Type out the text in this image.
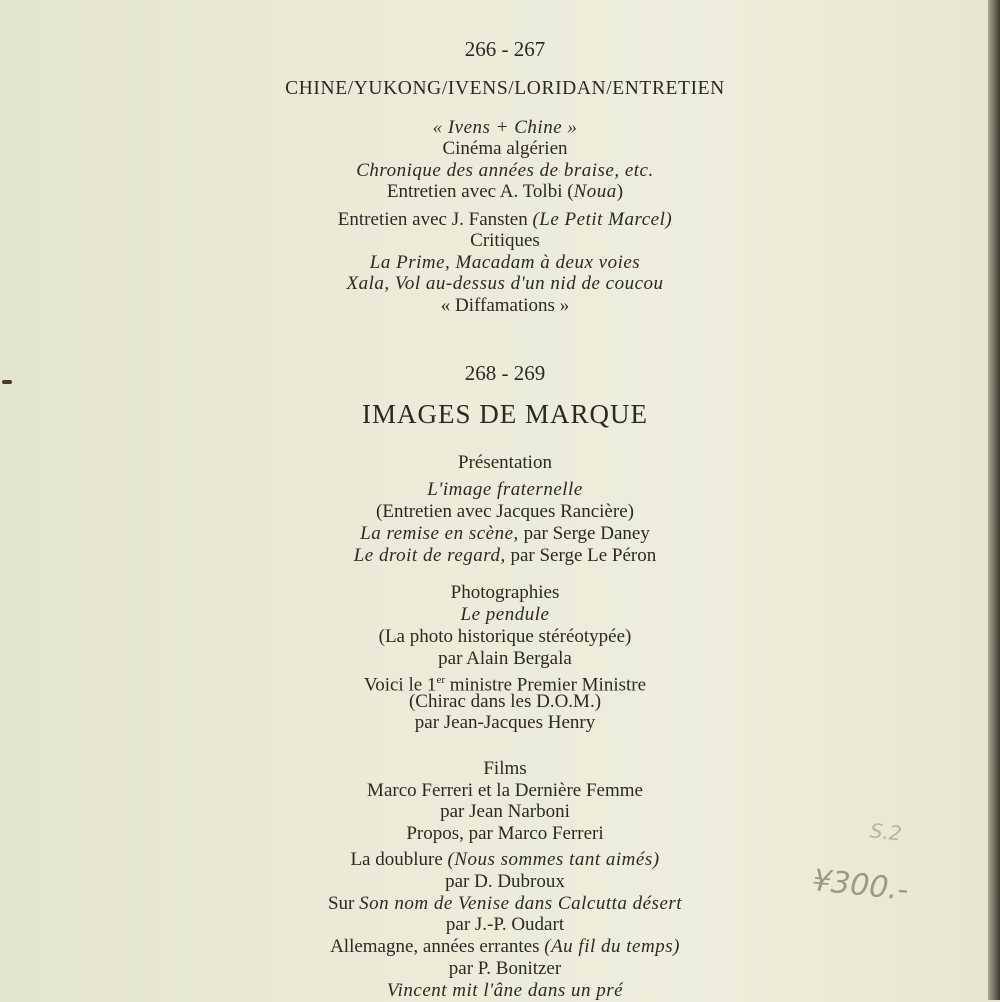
266 - 267
CHINE/YUKONG/IVENS/LORIDAN/ENTRETIEN
« Ivens + Chine »
Cinéma algérien
Chronique des années de braise, etc.
Entretien avec A. Tolbi (Noua)
Entretien avec J. Fansten (Le Petit Marcel)
Critiques
La Prime, Macadam à deux voies
Xala, Vol au-dessus d'un nid de coucou
« Diffamations »
268 - 269
IMAGES DE MARQUE
Présentation
L'image fraternelle
(Entretien avec Jacques Rancière)
La remise en scène, par Serge Daney
Le droit de regard, par Serge Le Péron
Photographies
Le pendule
(La photo historique stéréotypée)
par Alain Bergala
Voici le 1er ministre Premier Ministre
(Chirac dans les D.O.M.)
par Jean-Jacques Henry
Films
Marco Ferreri et la Dernière Femme
par Jean Narboni
Propos, par Marco Ferreri
La doublure (Nous sommes tant aimés)
par D. Dubroux
Sur Son nom de Venise dans Calcutta désert
par J.-P. Oudart
Allemagne, années errantes (Au fil du temps)
par P. Bonitzer
Vincent mit l'âne dans un pré
¥300.-
S.2
